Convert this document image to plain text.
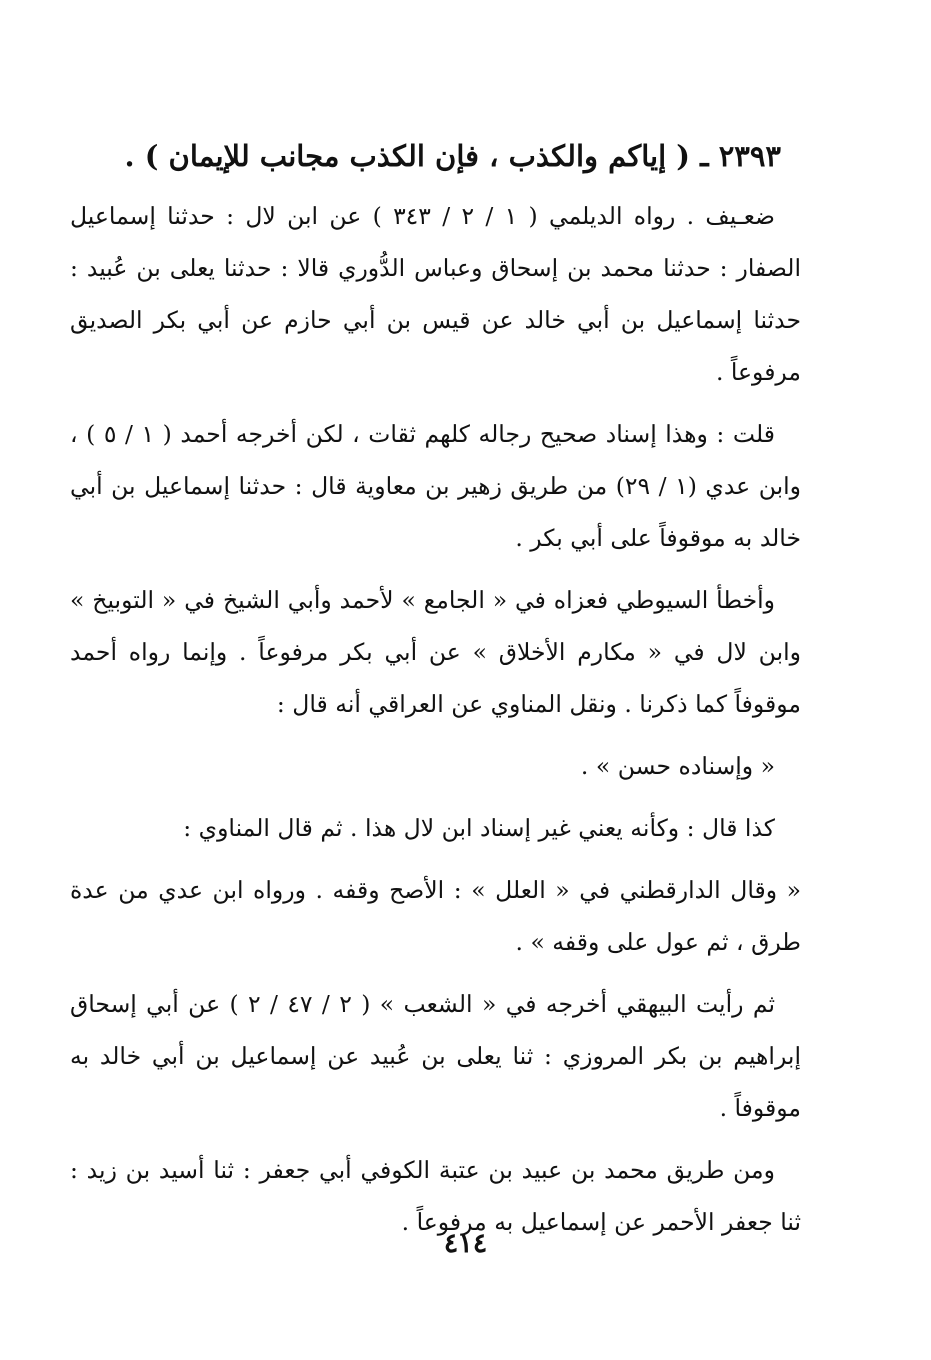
٢٣٩٣ ـ ( إياكم والكذب ، فإن الكذب مجانب للإيمان ) .

ضعـيف . رواه الديلمي ( ١ / ٢ / ٣٤٣ ) عن ابن لال : حدثنا إسماعيل الصفار : حدثنا محمد بن إسحاق وعباس الدُّوري قالا : حدثنا يعلى بن عُبيد : حدثنا إسماعيل بن أبي خالد عن قيس بن أبي حازم عن أبي بكر الصديق مرفوعاً .

قلت : وهذا إسناد صحيح رجاله كلهم ثقات ، لكن أخرجه أحمد ( ١ / ٥ ) ، وابن عدي (١ / ٢٩) من طريق زهير بن معاوية قال : حدثنا إسماعيل بن أبي خالد به موقوفاً على أبي بكر .

وأخطأ السيوطي فعزاه في « الجامع » لأحمد وأبي الشيخ في « التوبيخ » وابن لال في « مكارم الأخلاق » عن أبي بكر مرفوعاً . وإنما رواه أحمد موقوفاً كما ذكرنا . ونقل المناوي عن العراقي أنه قال :

« وإسناده حسن » .

كذا قال : وكأنه يعني غير إسناد ابن لال هذا . ثم قال المناوي :

« وقال الدارقطني في « العلل » : الأصح وقفه . ورواه ابن عدي من عدة طرق ، ثم عول على وقفه » .

ثم رأيت البيهقي أخرجه في « الشعب » ( ٢ / ٤٧ / ٢ ) عن أبي إسحاق إبراهيم بن بكر المروزي : ثنا يعلى بن عُبيد عن إسماعيل بن أبي خالد به موقوفاً .

ومن طريق محمد بن عبيد بن عتبة الكوفي أبي جعفر : ثنا أسيد بن زيد : ثنا جعفر الأحمر عن إسماعيل به مرفوعاً .

٤١٤
